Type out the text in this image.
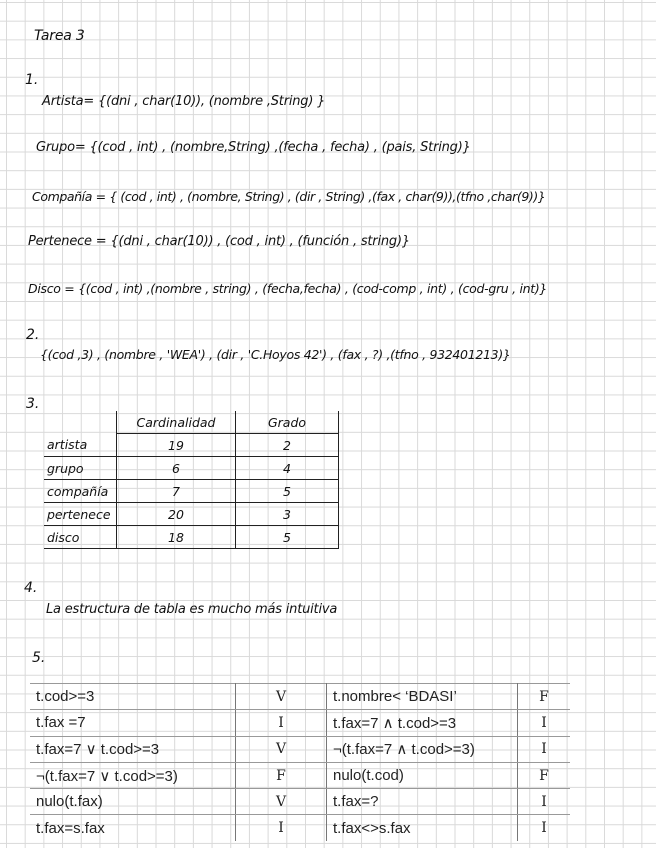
Tarea 3
1.
Artista= {(dni , char(10)), (nombre ,String) }
Grupo= {(cod , int) , (nombre,String) ,(fecha , fecha) , (pais, String)}
Compañía = { (cod , int) , (nombre, String) , (dir , String) ,(fax , char(9)),(tfno ,char(9))}
Pertenece = {(dni , char(10)) , (cod , int) , (función , string)}
Disco = {(cod , int) ,(nombre , string) , (fecha,fecha) , (cod-comp , int) , (cod-gru , int)}
2.
{(cod ,3) , (nombre , 'WEA') , (dir , 'C.Hoyos 42') , (fax , ?) ,(tfno , 932401213)}
3.
	Cardinalidad	Grado
artista	19	2
grupo	6	4
compañía	7	5
pertenece	20	3
disco	18	5
4.
La estructura de tabla es mucho más intuitiva
5.
t.cod>=3	V	t.nombre< ‘BDASI’	F
t.fax =7	I	t.fax=7 ∧ t.cod>=3	I
t.fax=7 ∨ t.cod>=3	V	¬(t.fax=7 ∧ t.cod>=3)	I
¬(t.fax=7 ∨ t.cod>=3)	F	nulo(t.cod)	F
nulo(t.fax)	V	t.fax=?	I
t.fax=s.fax	I	t.fax<>s.fax	I
